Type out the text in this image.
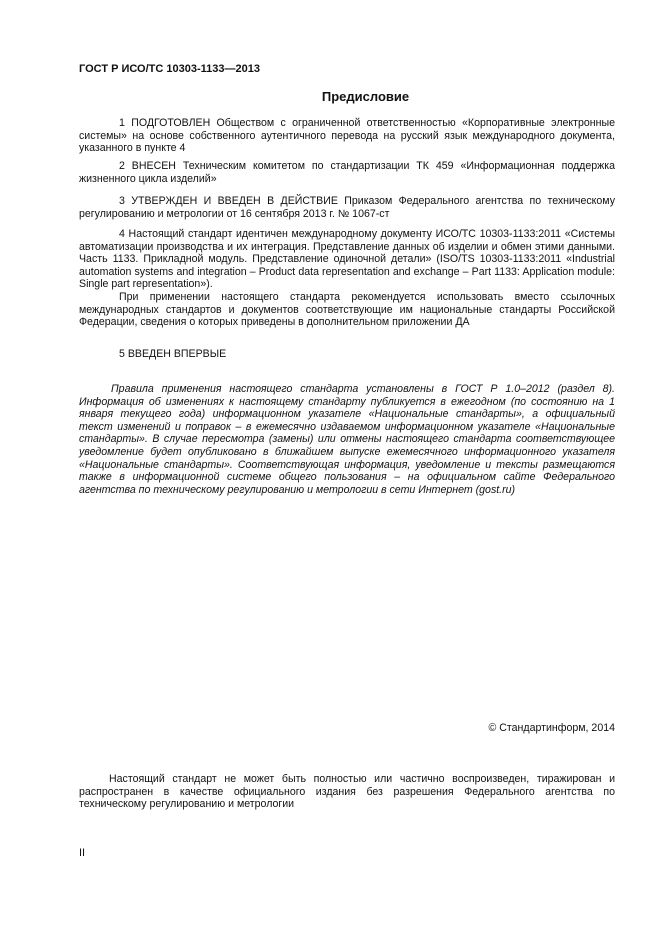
ГОСТ Р ИСО/ТС 10303-1133—2013
Предисловие

1 ПОДГОТОВЛЕН Обществом с ограниченной ответственностью «Корпоративные электронные системы» на основе собственного аутентичного перевода на русский язык международного документа, указанного в пункте 4

2 ВНЕСЕН Техническим комитетом по стандартизации ТК 459 «Информационная поддержка жизненного цикла изделий»

3 УТВЕРЖДЕН И ВВЕДЕН В ДЕЙСТВИЕ Приказом Федерального агентства по техническому регулированию и метрологии от 16 сентября 2013 г. № 1067-ст

4 Настоящий стандарт идентичен международному документу ИСО/ТС 10303-1133:2011 «Системы автоматизации производства и их интеграция. Представление данных об изделии и обмен этими данными. Часть 1133. Прикладной модуль. Представление одиночной детали» (ISO/TS 10303-1133:2011 «Industrial automation systems and integration – Product data representation and exchange – Part 1133: Application module: Single part representation»).

При применении настоящего стандарта рекомендуется использовать вместо ссылочных международных стандартов и документов соответствующие им национальные стандарты Российской Федерации, сведения о которых приведены в дополнительном приложении ДА

5 ВВЕДЕН ВПЕРВЫЕ

Правила применения настоящего стандарта установлены в ГОСТ Р 1.0–2012 (раздел 8). Информация об изменениях к настоящему стандарту публикуется в ежегодном (по состоянию на 1 января текущего года) информационном указателе «Национальные стандарты», а официальный текст изменений и поправок – в ежемесячно издаваемом информационном указателе «Национальные стандарты». В случае пересмотра (замены) или отмены настоящего стандарта соответствующее уведомление будет опубликовано в ближайшем выпуске ежемесячного информационного указателя «Национальные стандарты». Соответствующая информация, уведомление и тексты размещаются также в информационной системе общего пользования – на официальном сайте Федерального агентства по техническому регулированию и метрологии в сети Интернет (gost.ru)

© Стандартинформ, 2014

Настоящий стандарт не может быть полностью или частично воспроизведен, тиражирован и распространен в качестве официального издания без разрешения Федерального агентства по техническому регулированию и метрологии

II
